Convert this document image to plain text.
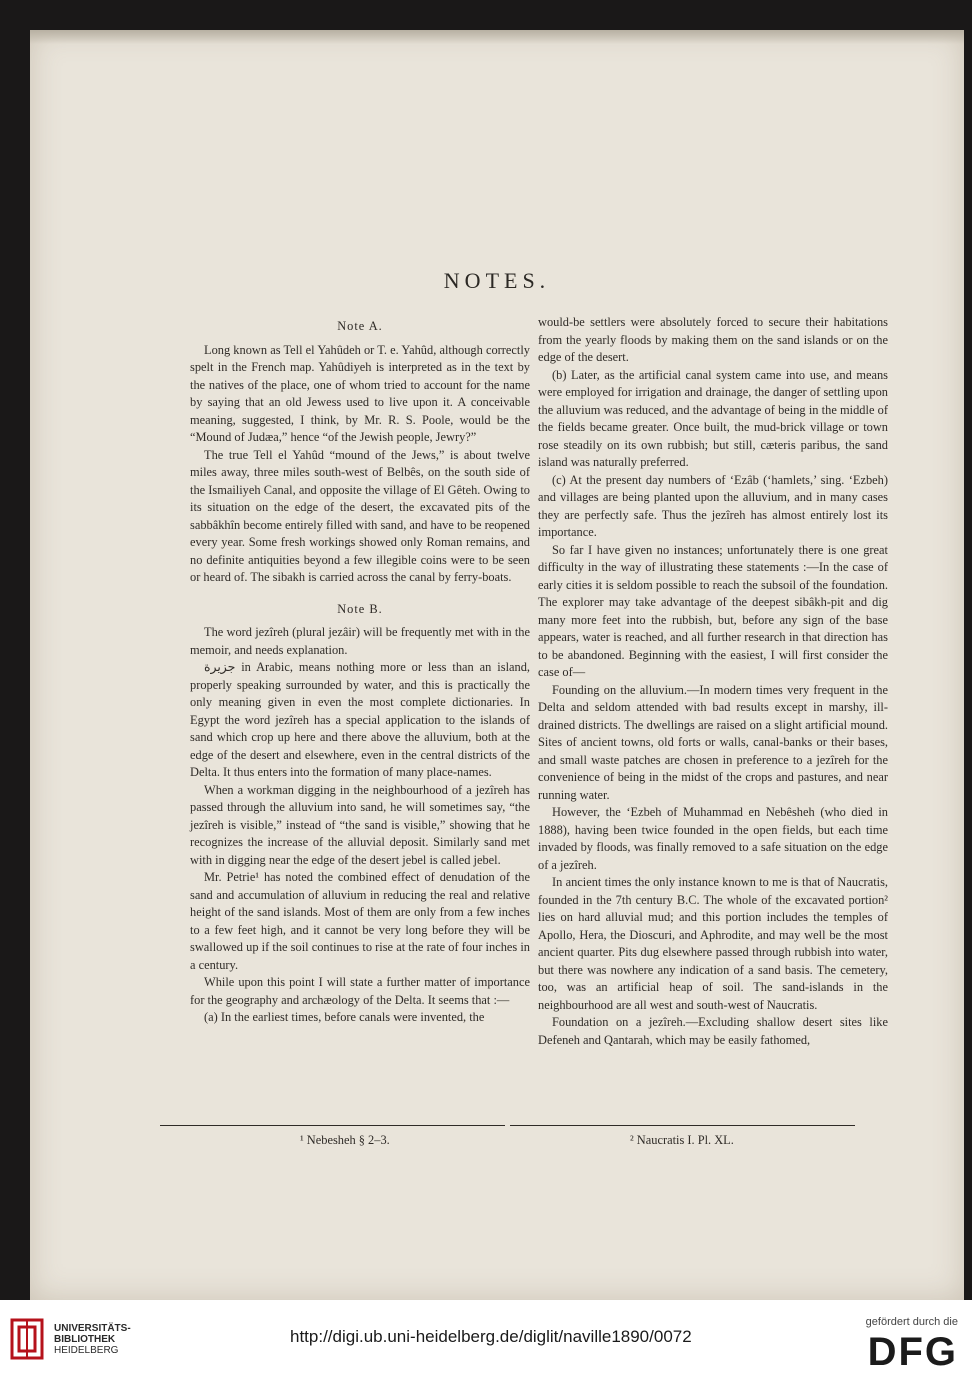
NOTES.
Note A.

Long known as Tell el Yahûdeh or T. e. Yahûd, although correctly spelt in the French map. Yahûdiyeh is interpreted as in the text by the natives of the place, one of whom tried to account for the name by saying that an old Jewess used to live upon it. A conceivable meaning, suggested, I think, by Mr. R. S. Poole, would be the “Mound of Judæa,” hence “of the Jewish people, Jewry?”

The true Tell el Yahûd “mound of the Jews,” is about twelve miles away, three miles south-west of Belbês, on the south side of the Ismailiyeh Canal, and opposite the village of El Gêteh. Owing to its situation on the edge of the desert, the excavated pits of the sabbâkhîn become entirely filled with sand, and have to be reopened every year. Some fresh workings showed only Roman remains, and no definite antiquities beyond a few illegible coins were to be seen or heard of. The sibakh is carried across the canal by ferry-boats.

Note B.

The word jezîreh (plural jezâir) will be frequently met with in the memoir, and needs explanation.

جزيرة in Arabic, means nothing more or less than an island, properly speaking surrounded by water, and this is practically the only meaning given in even the most complete dictionaries. In Egypt the word jezîreh has a special application to the islands of sand which crop up here and there above the alluvium, both at the edge of the desert and elsewhere, even in the central districts of the Delta. It thus enters into the formation of many place-names.

When a workman digging in the neighbourhood of a jezîreh has passed through the alluvium into sand, he will sometimes say, “the jezîreh is visible,” instead of “the sand is visible,” showing that he recognizes the increase of the alluvial deposit. Similarly sand met with in digging near the edge of the desert jebel is called jebel.

Mr. Petrie¹ has noted the combined effect of denudation of the sand and accumulation of alluvium in reducing the real and relative height of the sand islands. Most of them are only from a few inches to a few feet high, and it cannot be very long before they will be swallowed up if the soil continues to rise at the rate of four inches in a century.

While upon this point I will state a further matter of importance for the geography and archæology of the Delta. It seems that :—

(a) In the earliest times, before canals were invented, the

would-be settlers were absolutely forced to secure their habitations from the yearly floods by making them on the sand islands or on the edge of the desert.

(b) Later, as the artificial canal system came into use, and means were employed for irrigation and drainage, the danger of settling upon the alluvium was reduced, and the advantage of being in the middle of the fields became greater. Once built, the mud-brick village or town rose steadily on its own rubbish; but still, cæteris paribus, the sand island was naturally preferred.

(c) At the present day numbers of ‘Ezâb (‘hamlets,’ sing. ‘Ezbeh) and villages are being planted upon the alluvium, and in many cases they are perfectly safe. Thus the jezîreh has almost entirely lost its importance.

So far I have given no instances; unfortunately there is one great difficulty in the way of illustrating these statements :—In the case of early cities it is seldom possible to reach the subsoil of the foundation. The explorer may take advantage of the deepest sibâkh-pit and dig many more feet into the rubbish, but, before any sign of the base appears, water is reached, and all further research in that direction has to be abandoned. Beginning with the easiest, I will first consider the case of—

Founding on the alluvium.—In modern times very frequent in the Delta and seldom attended with bad results except in marshy, ill-drained districts. The dwellings are raised on a slight artificial mound. Sites of ancient towns, old forts or walls, canal-banks or their bases, and small waste patches are chosen in preference to a jezîreh for the convenience of being in the midst of the crops and pastures, and near running water.

However, the ‘Ezbeh of Muhammad en Nebêsheh (who died in 1888), having been twice founded in the open fields, but each time invaded by floods, was finally removed to a safe situation on the edge of a jezîreh.

In ancient times the only instance known to me is that of Naucratis, founded in the 7th century B.C. The whole of the excavated portion² lies on hard alluvial mud; and this portion includes the temples of Apollo, Hera, the Dioscuri, and Aphrodite, and may well be the most ancient quarter. Pits dug elsewhere passed through rubbish into water, but there was nowhere any indication of a sand basis. The cemetery, too, was an artificial heap of soil. The sand-islands in the neighbourhood are all west and south-west of Naucratis.

Foundation on a jezîreh.—Excluding shallow desert sites like Defeneh and Qantarah, which may be easily fathomed,

¹ Nebesheh § 2–3.	² Naucratis I. Pl. XL.
UNIVERSITÄTS-
BIBLIOTHEK
HEIDELBERG
http://digi.ub.uni-heidelberg.de/diglit/naville1890/0072
gefördert durch die
DFG
